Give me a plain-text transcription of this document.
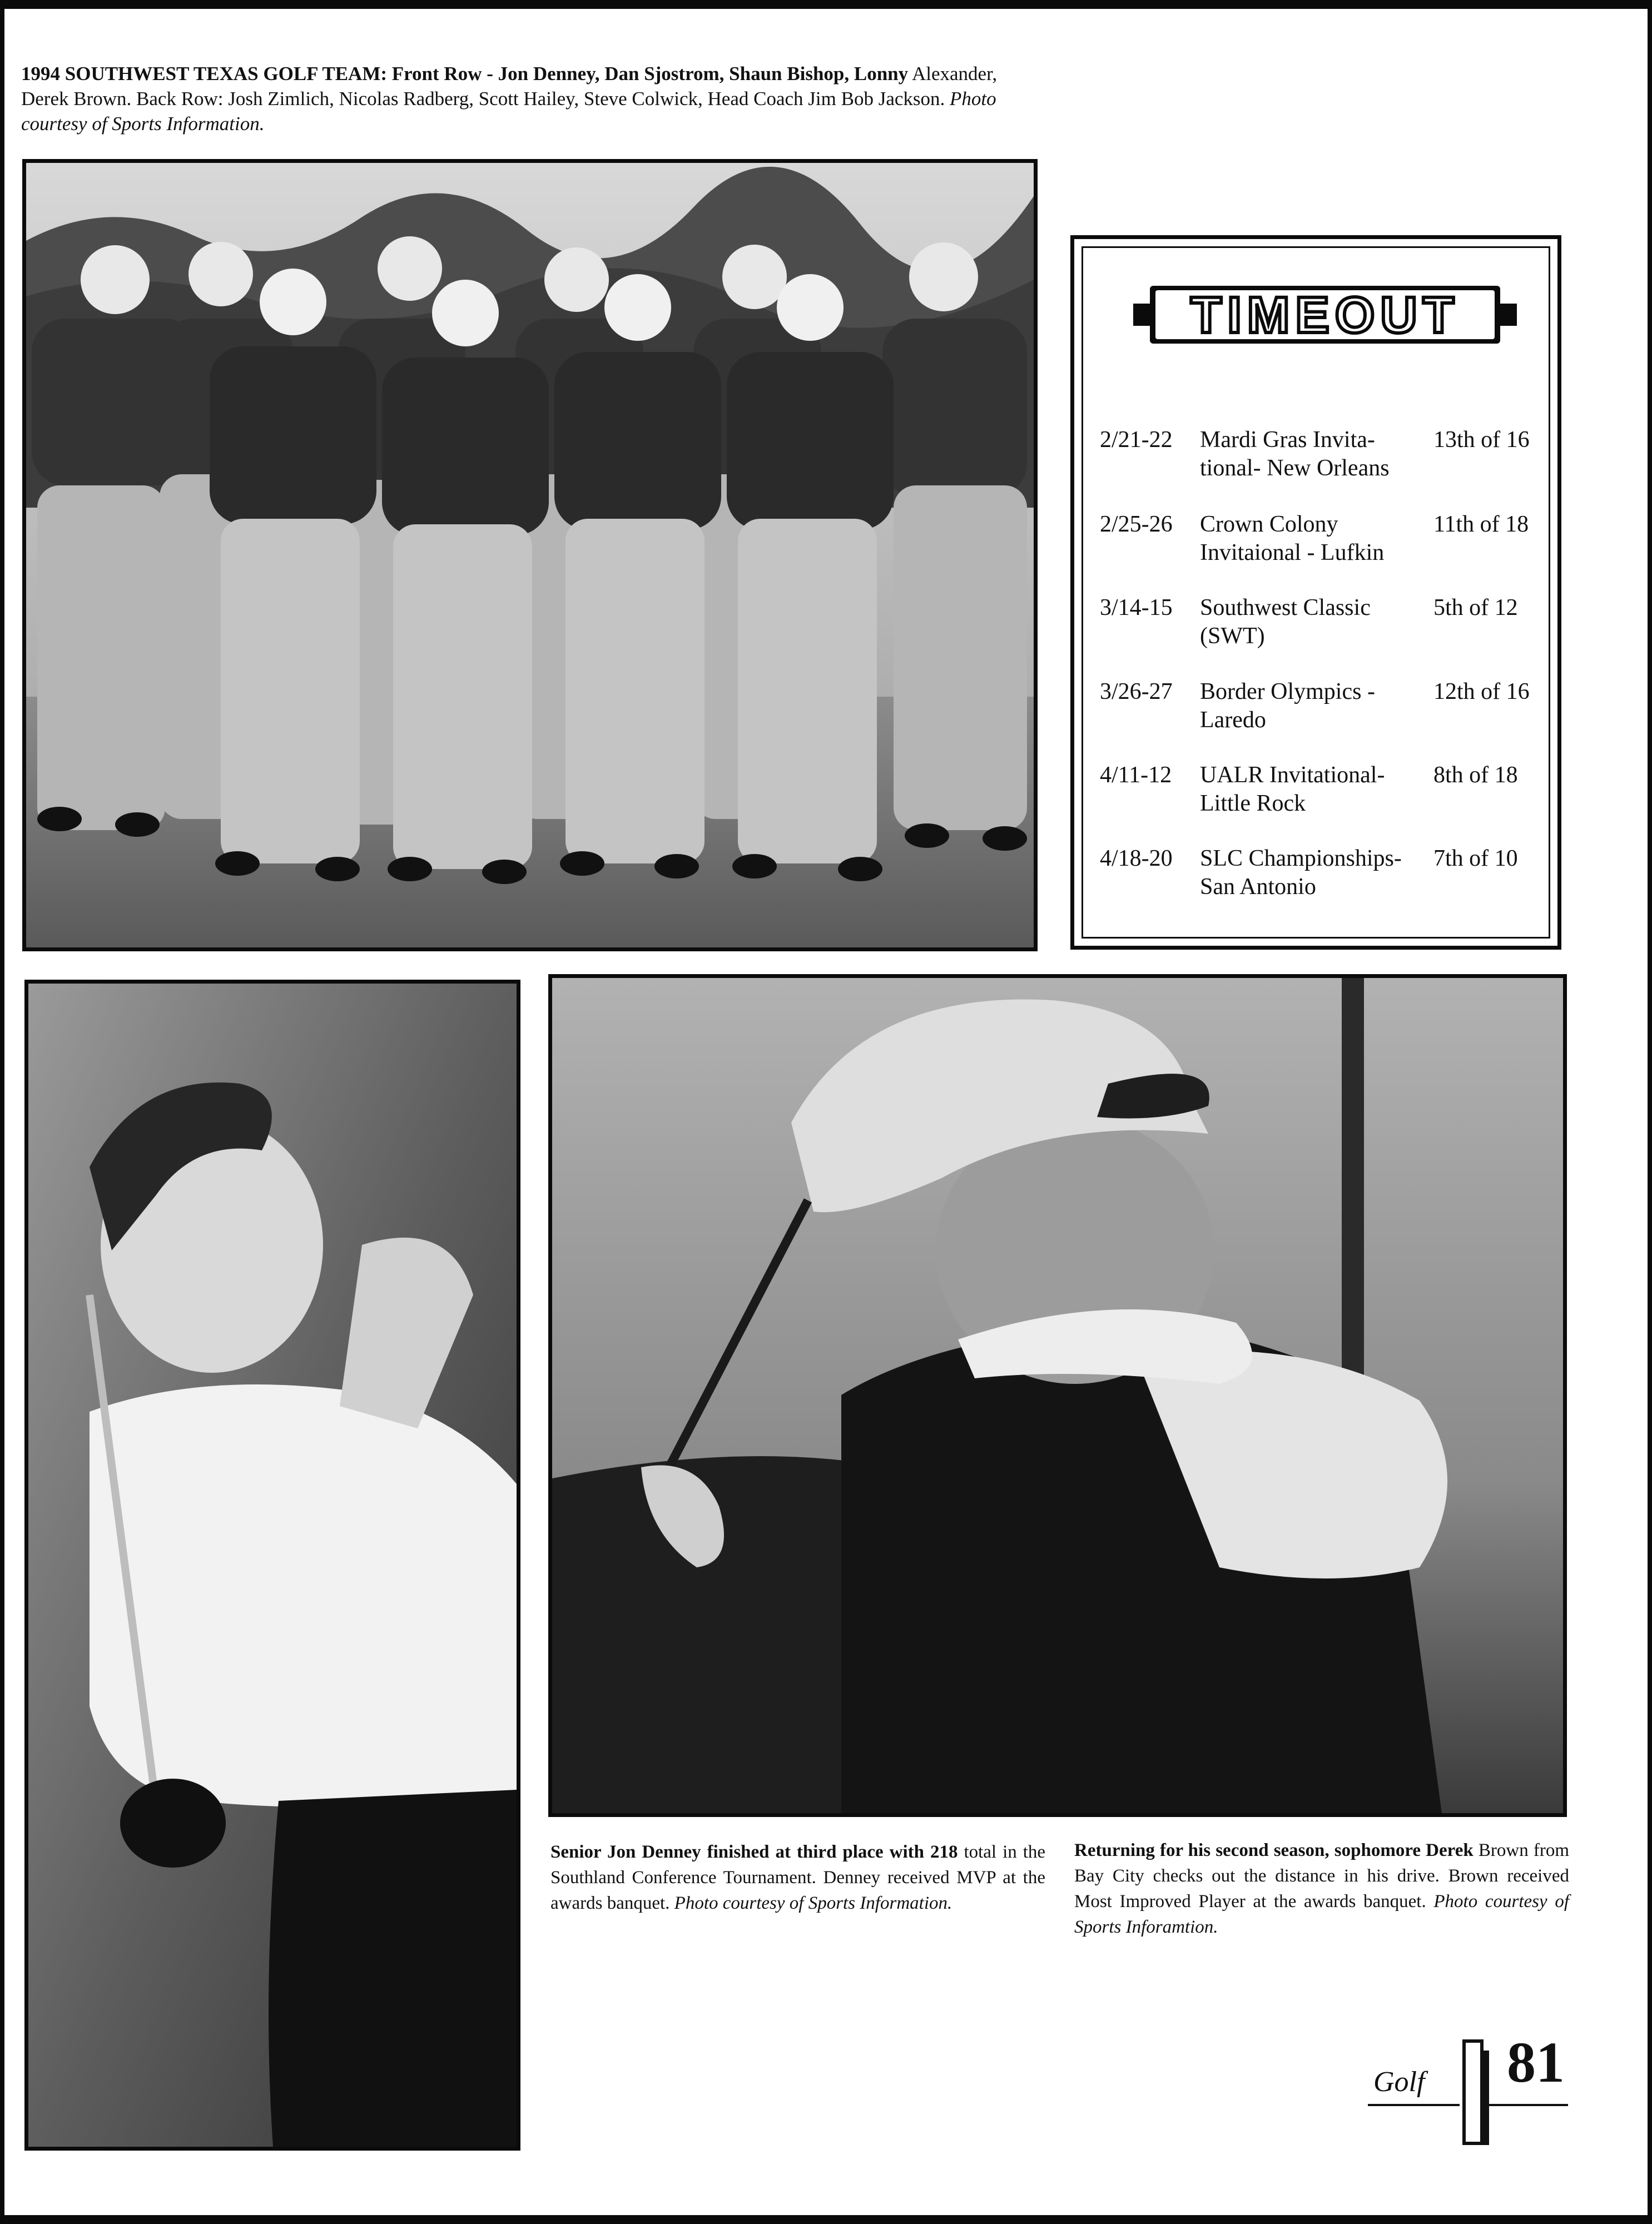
1994 SOUTHWEST TEXAS GOLF TEAM: Front Row - Jon Denney, Dan Sjostrom, Shaun Bishop, Lonny Alexander, Derek Brown. Back Row: Josh Zimlich, Nicolas Radberg, Scott Hailey, Steve Colwick, Head Coach Jim Bob Jackson. Photo courtesy of Sports Information.
TIMEOUT
2/21-22	Mardi Gras Invita-
tional- New Orleans
13th of 16
2/25-26	Crown Colony
Invitaional - Lufkin
11th of 18
3/14-15	Southwest Classic
(SWT)
5th of 12
3/26-27	Border Olympics -
Laredo
12th of 16
4/11-12	UALR Invitational-
Little Rock
8th of 18
4/18-20	SLC Championships-
San Antonio
7th of 10
Senior Jon Denney finished at third place with 218 total in the Southland Conference Tournament. Denney received MVP at the awards banquet. Photo courtesy of Sports Information.
Returning for his second season, sophomore Derek Brown from Bay City checks out the distance in his drive. Brown received Most Improved Player at the awards banquet. Photo courtesy of Sports Inforamtion.
Golf 81
